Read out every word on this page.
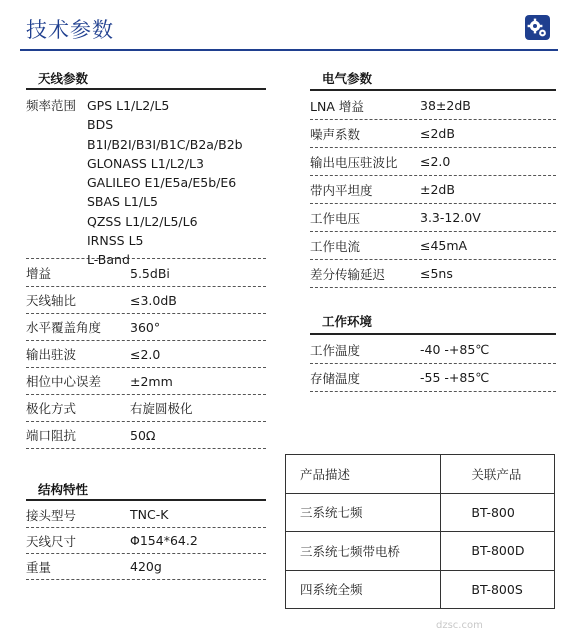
技术参数
天线参数
频率范围 GPS L1/L2/L5
BDS B1I/B2I/B3I/B1C/B2a/B2b
GLONASS L1/L2/L3
GALILEO E1/E5a/E5b/E6
SBAS L1/L5
QZSS L1/L2/L5/L6
IRNSS L5
L-Band
增益	5.5dBi
天线轴比	≤3.0dB
水平覆盖角度	360°
输出驻波	≤2.0
相位中心误差	±2mm
极化方式	右旋圆极化
端口阻抗	50Ω
结构特性
接头型号	TNC-K
天线尺寸	Φ154*64.2
重量	420g
电气参数
LNA 增益	38±2dB
噪声系数	≤2dB
输出电压驻波比	≤2.0
带内平坦度	±2dB
工作电压	3.3-12.0V
工作电流	≤45mA
差分传输延迟	≤5ns
工作环境
工作温度	-40 -+85℃
存储温度	-55 -+85℃
产品描述	关联产品
三系统七频	BT-800
三系统七频带电桥	BT-800D
四系统全频	BT-800S
dzsc.com
